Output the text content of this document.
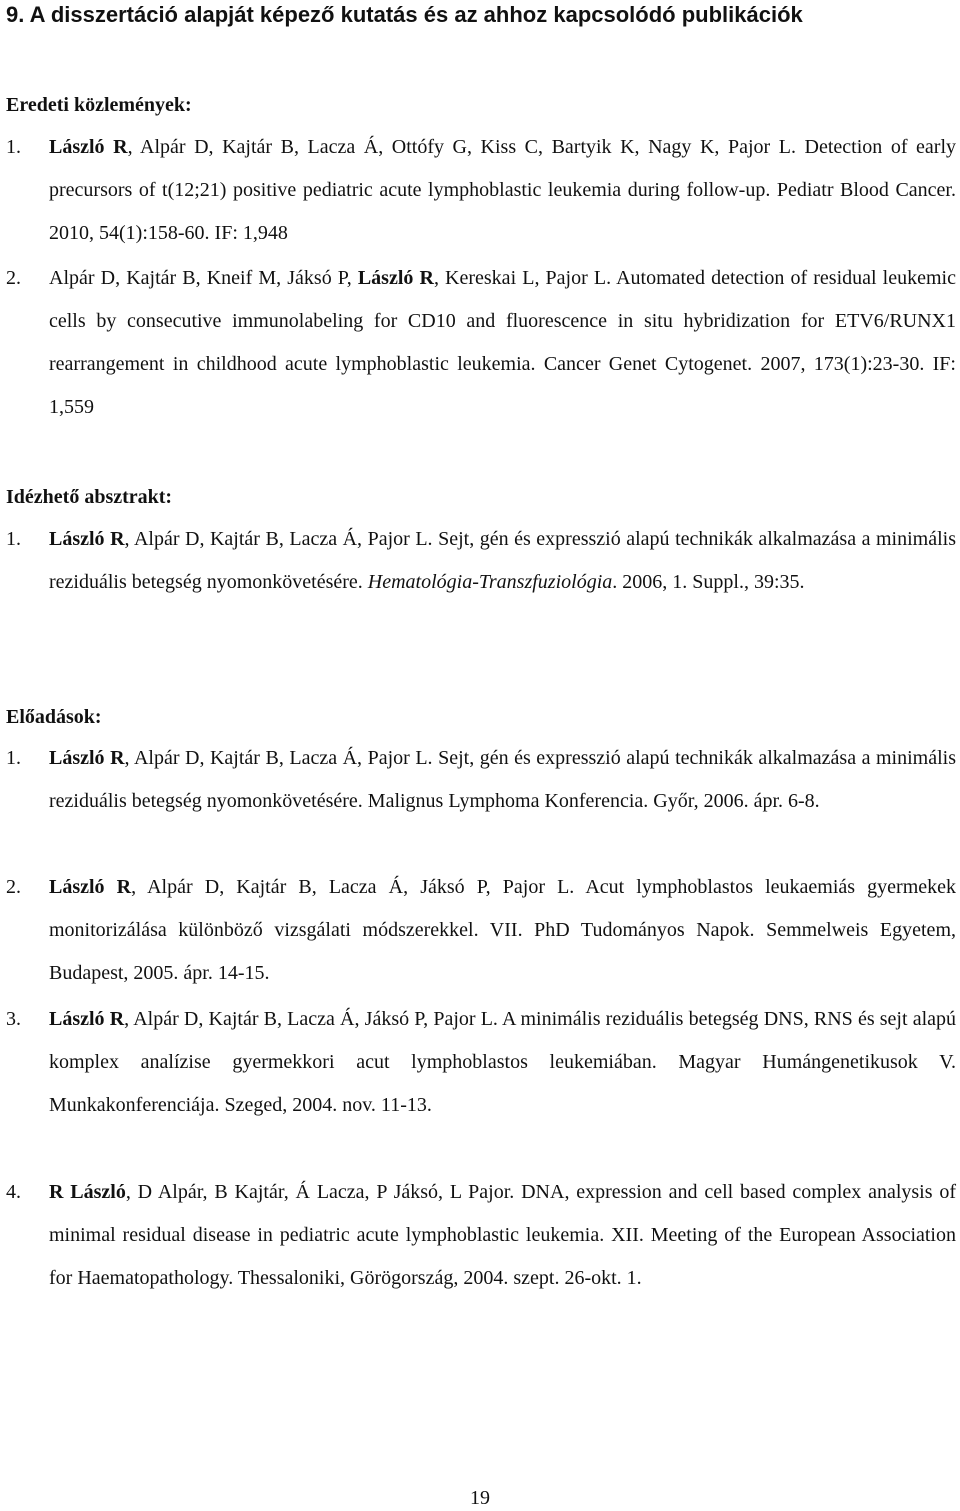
9. A disszertáció alapját képező kutatás és az ahhoz kapcsolódó publikációk
Eredeti közlemények:
1. László R, Alpár D, Kajtár B, Lacza Á, Ottófy G, Kiss C, Bartyik K, Nagy K, Pajor L. Detection of early precursors of t(12;21) positive pediatric acute lymphoblastic leukemia during follow-up. Pediatr Blood Cancer. 2010, 54(1):158-60. IF: 1,948
2. Alpár D, Kajtár B, Kneif M, Jáksó P, László R, Kereskai L, Pajor L. Automated detection of residual leukemic cells by consecutive immunolabeling for CD10 and fluorescence in situ hybridization for ETV6/RUNX1 rearrangement in childhood acute lymphoblastic leukemia. Cancer Genet Cytogenet. 2007, 173(1):23-30. IF: 1,559
Idézhető absztrakt:
1. László R, Alpár D, Kajtár B, Lacza Á, Pajor L. Sejt, gén és expresszió alapú technikák alkalmazása a minimális reziduális betegség nyomonkövetésére. Hematológia-Transzfuziológia. 2006, 1. Suppl., 39:35.
Előadások:
1. László R, Alpár D, Kajtár B, Lacza Á, Pajor L. Sejt, gén és expresszió alapú technikák alkalmazása a minimális reziduális betegség nyomonkövetésére. Malignus Lymphoma Konferencia. Győr, 2006. ápr. 6-8.
2. László R, Alpár D, Kajtár B, Lacza Á, Jáksó P, Pajor L. Acut lymphoblastos leukaemiás gyermekek monitorizálása különböző vizsgálati módszerekkel. VII. PhD Tudományos Napok. Semmelweis Egyetem, Budapest, 2005. ápr. 14-15.
3. László R, Alpár D, Kajtár B, Lacza Á, Jáksó P, Pajor L. A minimális reziduális betegség DNS, RNS és sejt alapú komplex analízise gyermekkori acut lymphoblastos leukemiában. Magyar Humángenetikusok V. Munkakonferenciája. Szeged, 2004. nov. 11-13.
4. R László, D Alpár, B Kajtár, Á Lacza, P Jáksó, L Pajor. DNA, expression and cell based complex analysis of minimal residual disease in pediatric acute lymphoblastic leukemia. XII. Meeting of the European Association for Haematopathology. Thessaloniki, Görögország, 2004. szept. 26-okt. 1.
19
